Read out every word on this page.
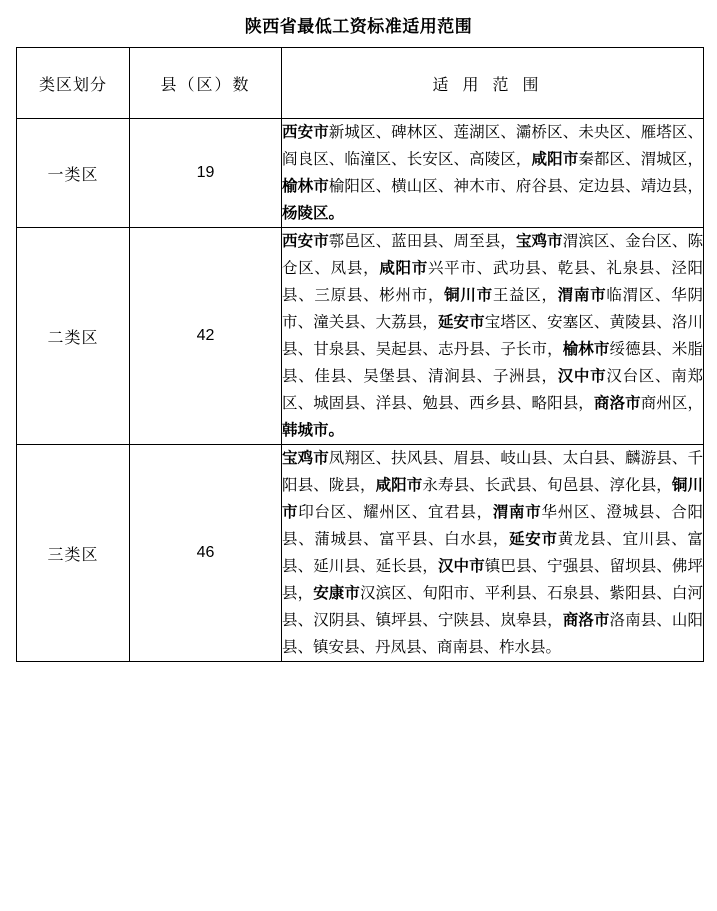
陕西省最低工资标准适用范围
类区划分	县（区）数	适用范围
一类区	19	西安市新城区、碑林区、莲湖区、灞桥区、未央区、雁塔区、阎良区、临潼区、长安区、高陵区，咸阳市秦都区、渭城区，榆林市榆阳区、横山区、神木市、府谷县、定边县、靖边县，杨陵区。
二类区	42	西安市鄠邑区、蓝田县、周至县，宝鸡市渭滨区、金台区、陈仓区、凤县，咸阳市兴平市、武功县、乾县、礼泉县、泾阳县、三原县、彬州市，铜川市王益区，渭南市临渭区、华阴市、潼关县、大荔县，延安市宝塔区、安塞区、黄陵县、洛川县、甘泉县、吴起县、志丹县、子长市，榆林市绥德县、米脂县、佳县、吴堡县、清涧县、子洲县，汉中市汉台区、南郑区、城固县、洋县、勉县、西乡县、略阳县，商洛市商州区，韩城市。
三类区	46	宝鸡市凤翔区、扶风县、眉县、岐山县、太白县、麟游县、千阳县、陇县，咸阳市永寿县、长武县、旬邑县、淳化县，铜川市印台区、耀州区、宜君县，渭南市华州区、澄城县、合阳县、蒲城县、富平县、白水县，延安市黄龙县、宜川县、富县、延川县、延长县，汉中市镇巴县、宁强县、留坝县、佛坪县，安康市汉滨区、旬阳市、平利县、石泉县、紫阳县、白河县、汉阴县、镇坪县、宁陕县、岚皋县，商洛市洛南县、山阳县、镇安县、丹凤县、商南县、柞水县。
